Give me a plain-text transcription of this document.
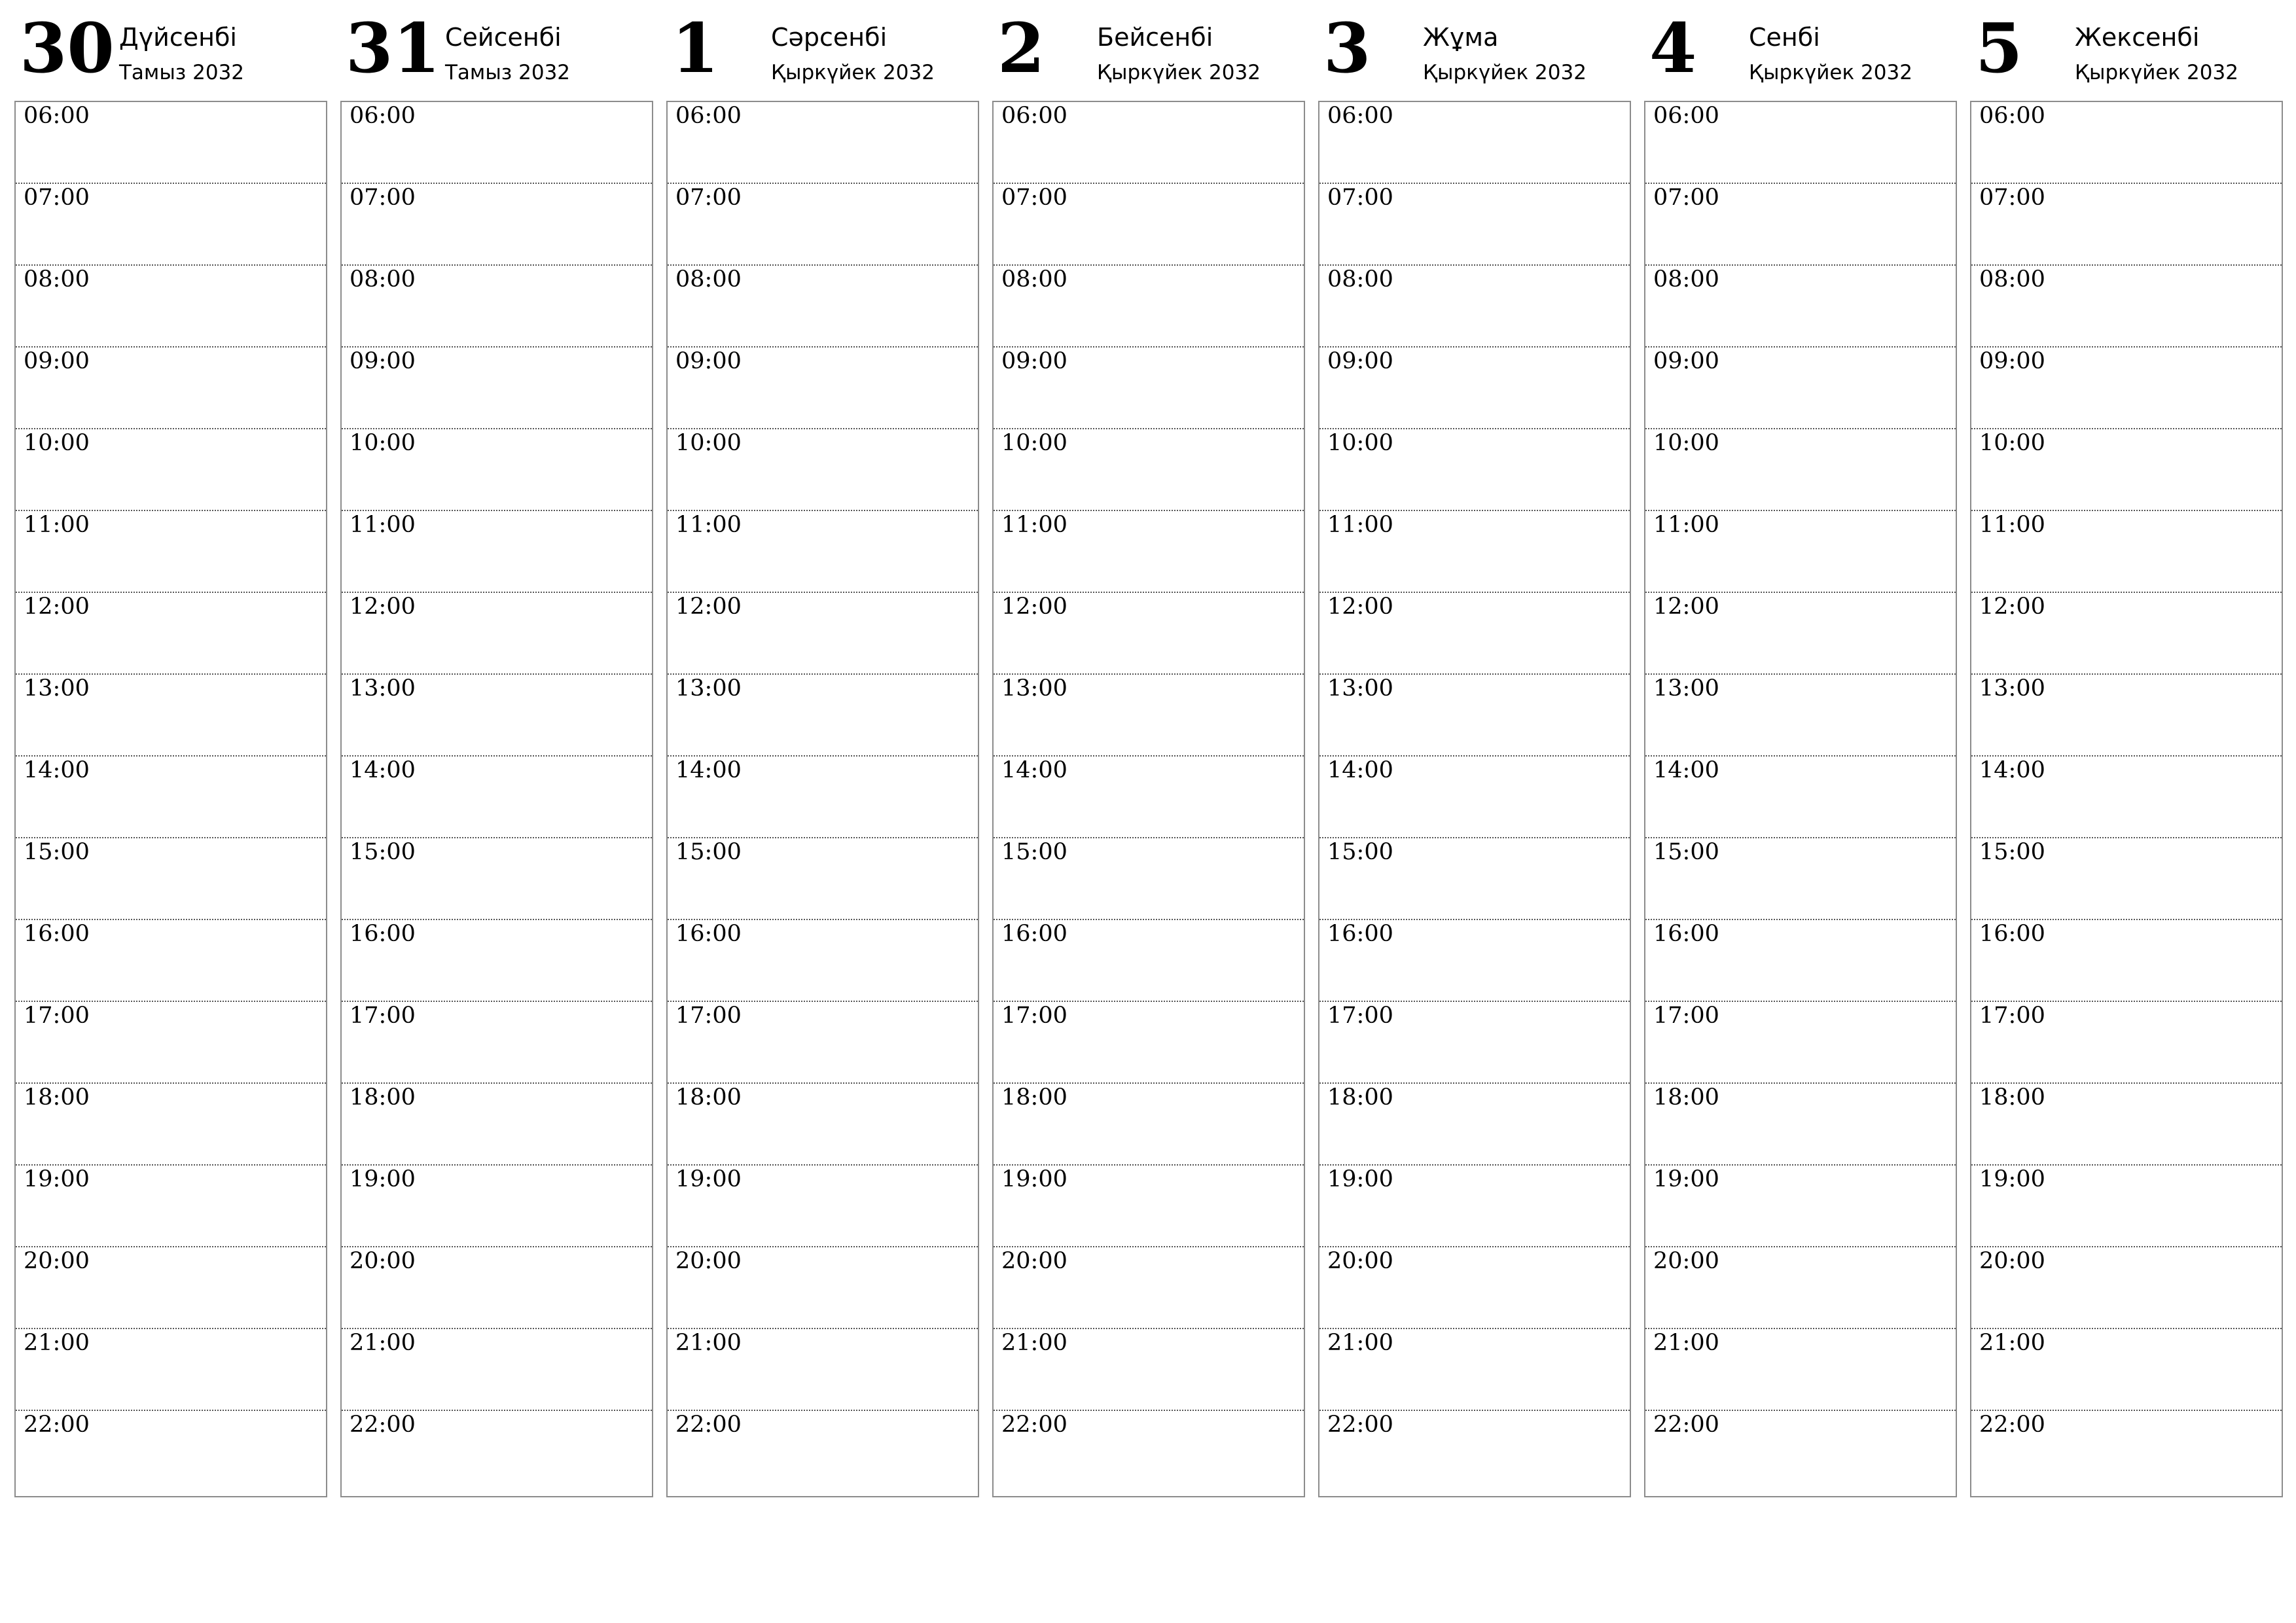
30 Дүйсенбі
Тамыз 2032
06:00
07:00
08:00
09:00
10:00
11:00
12:00
13:00
14:00
15:00
16:00
17:00
18:00
19:00
20:00
21:00
22:00
31 Сейсенбі
Тамыз 2032
06:00
07:00
08:00
09:00
10:00
11:00
12:00
13:00
14:00
15:00
16:00
17:00
18:00
19:00
20:00
21:00
22:00
1 Сәрсенбі
Қыркүйек 2032
06:00
07:00
08:00
09:00
10:00
11:00
12:00
13:00
14:00
15:00
16:00
17:00
18:00
19:00
20:00
21:00
22:00
2 Бейсенбі
Қыркүйек 2032
06:00
07:00
08:00
09:00
10:00
11:00
12:00
13:00
14:00
15:00
16:00
17:00
18:00
19:00
20:00
21:00
22:00
3 Жұма
Қыркүйек 2032
06:00
07:00
08:00
09:00
10:00
11:00
12:00
13:00
14:00
15:00
16:00
17:00
18:00
19:00
20:00
21:00
22:00
4 Сенбі
Қыркүйек 2032
06:00
07:00
08:00
09:00
10:00
11:00
12:00
13:00
14:00
15:00
16:00
17:00
18:00
19:00
20:00
21:00
22:00
5 Жексенбі
Қыркүйек 2032
06:00
07:00
08:00
09:00
10:00
11:00
12:00
13:00
14:00
15:00
16:00
17:00
18:00
19:00
20:00
21:00
22:00
